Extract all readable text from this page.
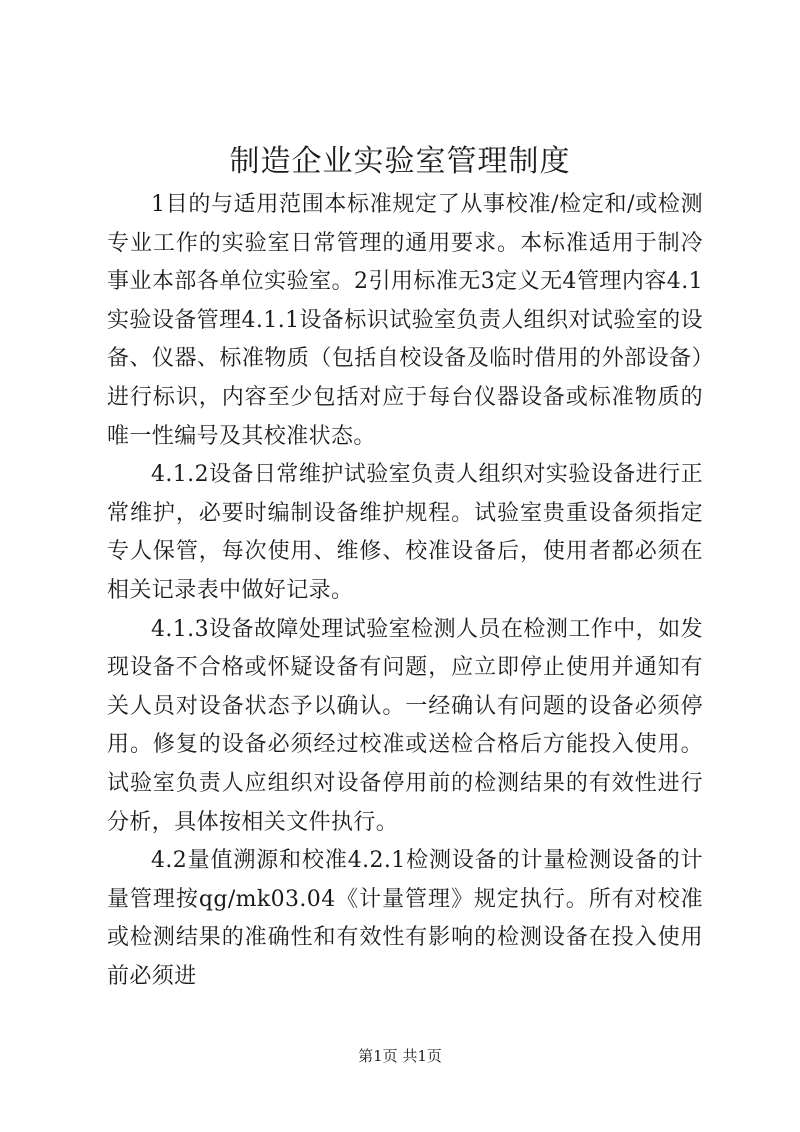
制造企业实验室管理制度

1目的与适用范围本标准规定了从事校准/检定和/或检测专业工作的实验室日常管理的通用要求。本标准适用于制冷事业本部各单位实验室。2引用标准无3定义无4管理内容4.1实验设备管理4.1.1设备标识试验室负责人组织对试验室的设备、仪器、标准物质（包括自校设备及临时借用的外部设备）进行标识，内容至少包括对应于每台仪器设备或标准物质的唯一性编号及其校准状态。

4.1.2设备日常维护试验室负责人组织对实验设备进行正常维护，必要时编制设备维护规程。试验室贵重设备须指定专人保管，每次使用、维修、校准设备后，使用者都必须在相关记录表中做好记录。

4.1.3设备故障处理试验室检测人员在检测工作中，如发现设备不合格或怀疑设备有问题，应立即停止使用并通知有关人员对设备状态予以确认。一经确认有问题的设备必须停用。修复的设备必须经过校准或送检合格后方能投入使用。试验室负责人应组织对设备停用前的检测结果的有效性进行分析，具体按相关文件执行。

4.2量值溯源和校准4.2.1检测设备的计量检测设备的计量管理按qg/mk03.04《计量管理》规定执行。所有对校准或检测结果的准确性和有效性有影响的检测设备在投入使用前必须进

第1页 共1页
